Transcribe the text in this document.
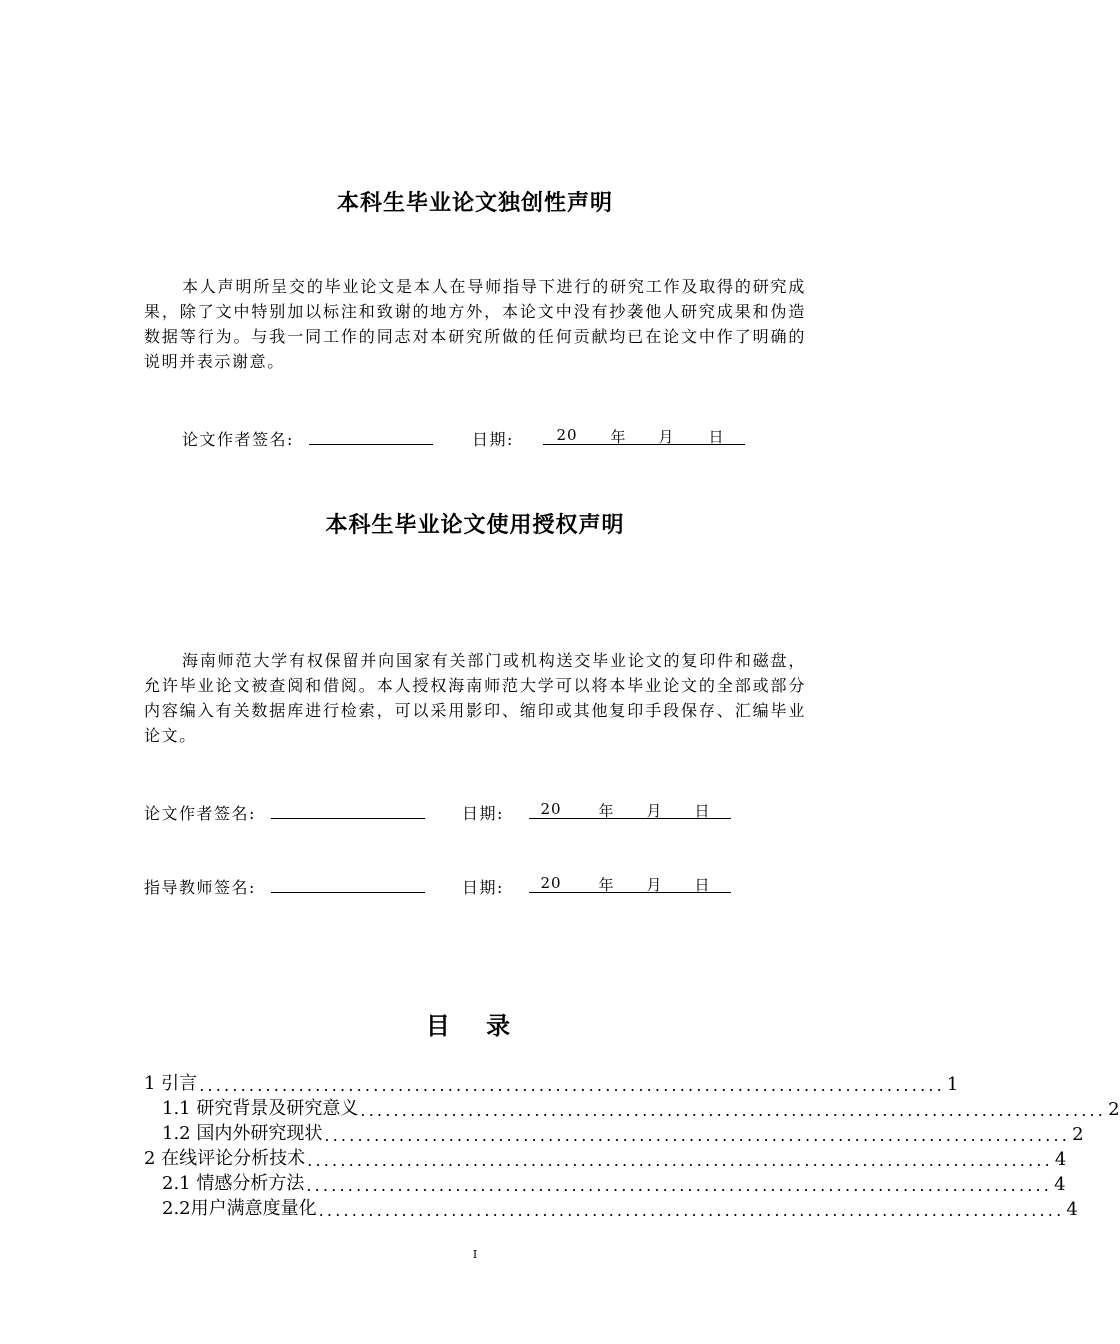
本科生毕业论文独创性声明

本人声明所呈交的毕业论文是本人在导师指导下进行的研究工作及取得的研究成果，除了文中特别加以标注和致谢的地方外，本论文中没有抄袭他人研究成果和伪造数据等行为。与我一同工作的同志对本研究所做的任何贡献均已在论文中作了明确的说明并表示谢意。

论文作者签名:	日期:	20 年 月 日
本科生毕业论文使用授权声明

海南师范大学有权保留并向国家有关部门或机构送交毕业论文的复印件和磁盘，允许毕业论文被查阅和借阅。本人授权海南师范大学可以将本毕业论文的全部或部分内容编入有关数据库进行检索，可以采用影印、缩印或其他复印手段保存、汇编毕业论文。

论文作者签名:	日期: 20 年 月 日
指导教师签名:	日期: 20 年 月 日
目 录
1 引言 .......................................................................................... 1
1.1 研究背景及研究意义 .......................................................................................... 2
1.2 国内外研究现状 .......................................................................................... 2
2 在线评论分析技术 .......................................................................................... 4
2.1 情感分析方法 .......................................................................................... 4
2.2用户满意度量化 .......................................................................................... 4
I
